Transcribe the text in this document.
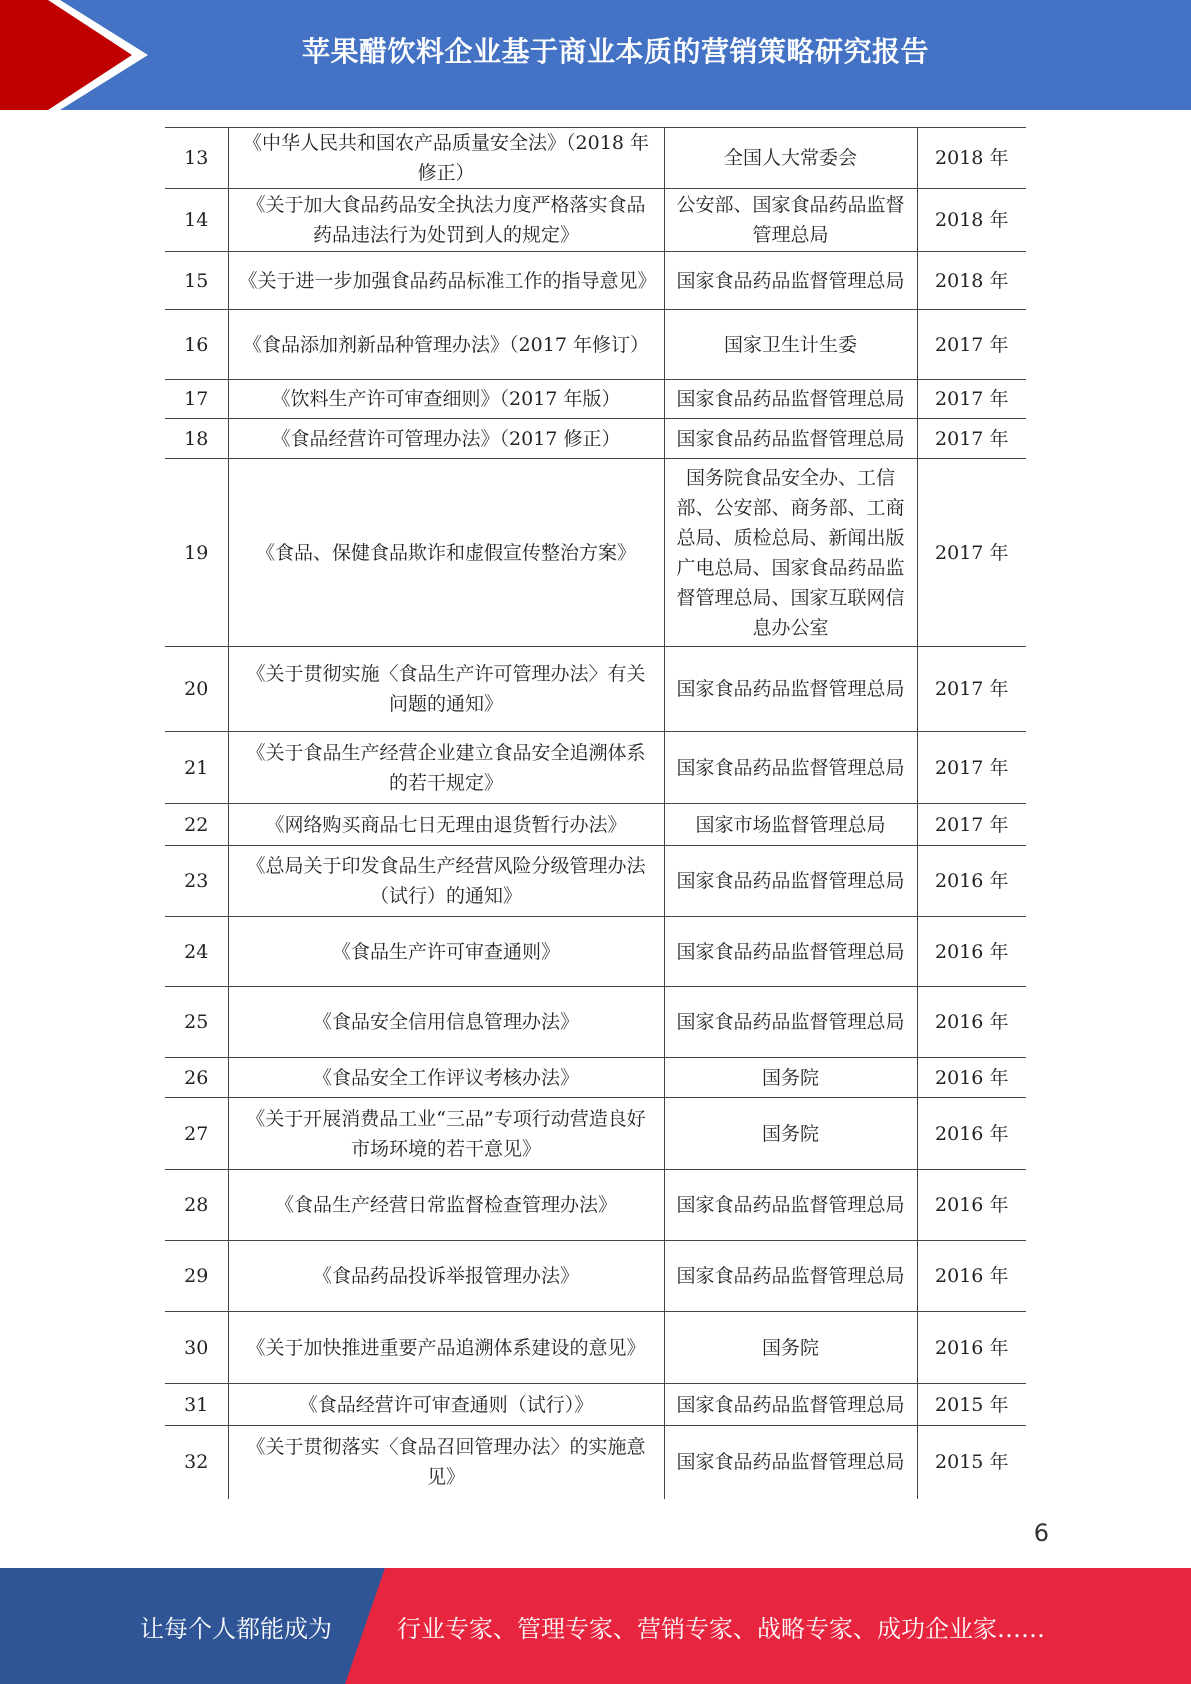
苹果醋饮料企业基于商业本质的营销策略研究报告
13	《中华人民共和国农产品质量安全法》（2018 年修正）	全国人大常委会	2018 年
14	《关于加大食品药品安全执法力度严格落实食品药品违法行为处罚到人的规定》	公安部、国家食品药品监督管理总局	2018 年
15	《关于进一步加强食品药品标准工作的指导意见》	国家食品药品监督管理总局	2018 年
16	《食品添加剂新品种管理办法》（2017 年修订）	国家卫生计生委	2017 年
17	《饮料生产许可审查细则》（2017 年版）	国家食品药品监督管理总局	2017 年
18	《食品经营许可管理办法》（2017 修正）	国家食品药品监督管理总局	2017 年
19	《食品、保健食品欺诈和虚假宣传整治方案》	国务院食品安全办、工信部、公安部、商务部、工商总局、质检总局、新闻出版广电总局、国家食品药品监督管理总局、国家互联网信息办公室	2017 年
20	《关于贯彻实施〈食品生产许可管理办法〉有关问题的通知》	国家食品药品监督管理总局	2017 年
21	《关于食品生产经营企业建立食品安全追溯体系的若干规定》	国家食品药品监督管理总局	2017 年
22	《网络购买商品七日无理由退货暂行办法》	国家市场监督管理总局	2017 年
23	《总局关于印发食品生产经营风险分级管理办法（试行）的通知》	国家食品药品监督管理总局	2016 年
24	《食品生产许可审查通则》	国家食品药品监督管理总局	2016 年
25	《食品安全信用信息管理办法》	国家食品药品监督管理总局	2016 年
26	《食品安全工作评议考核办法》	国务院	2016 年
27	《关于开展消费品工业“三品”专项行动营造良好市场环境的若干意见》	国务院	2016 年
28	《食品生产经营日常监督检查管理办法》	国家食品药品监督管理总局	2016 年
29	《食品药品投诉举报管理办法》	国家食品药品监督管理总局	2016 年
30	《关于加快推进重要产品追溯体系建设的意见》	国务院	2016 年
31	《食品经营许可审查通则（试行）》	国家食品药品监督管理总局	2015 年
32	《关于贯彻落实〈食品召回管理办法〉的实施意见》	国家食品药品监督管理总局	2015 年
6
让每个人都能成为	行业专家、管理专家、营销专家、战略专家、成功企业家……
